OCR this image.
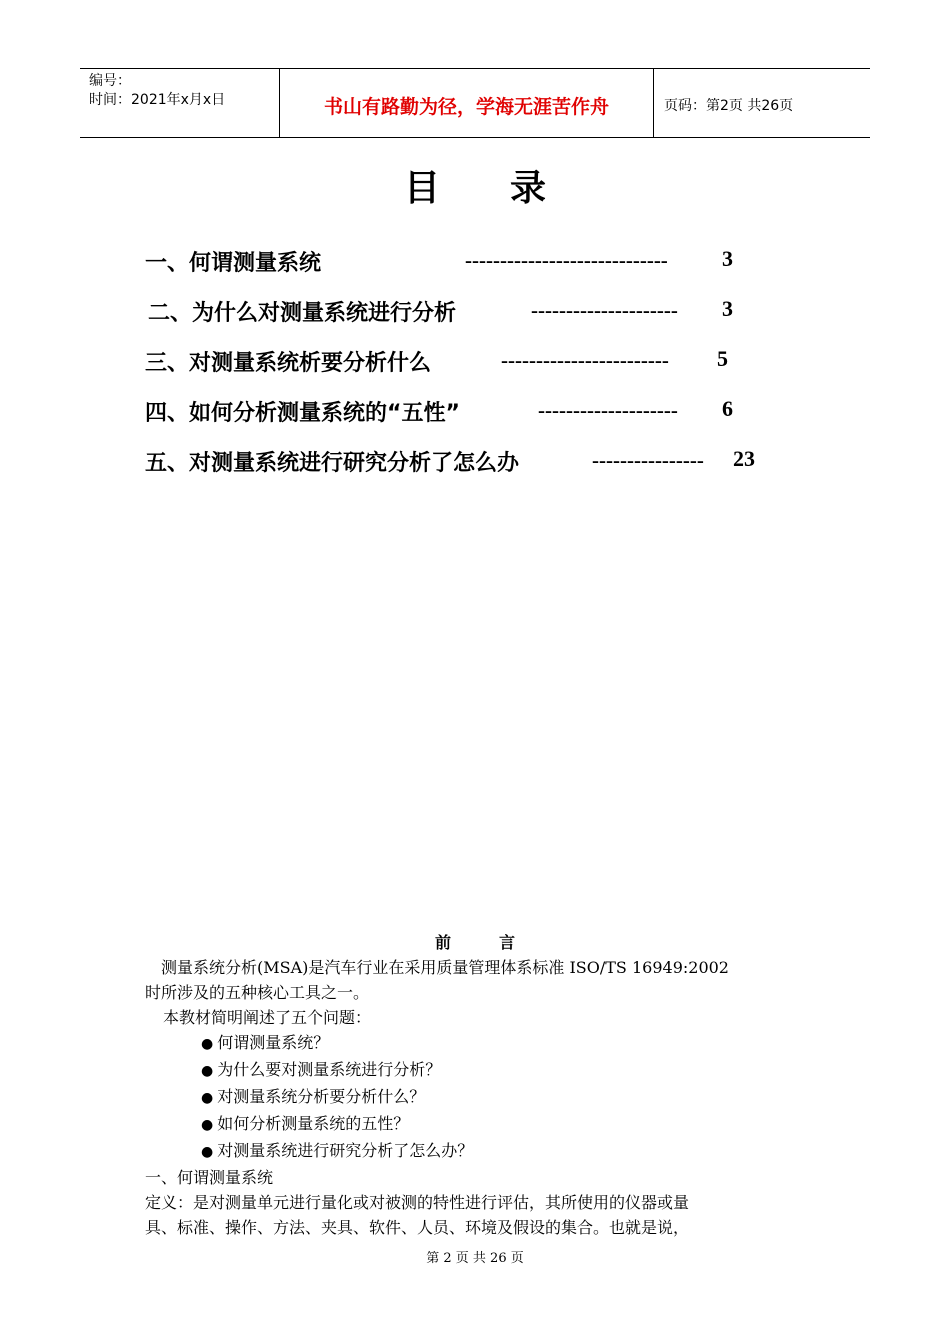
编号：
时间：2021年x月x日	书山有路勤为径，学海无涯苦作舟	页码：第2页 共26页
目 录
一、何谓测量系统	----------------------------- 3
二、为什么对测量系统进行分析	--------------------- 3
三、对测量系统析要分析什么	------------------------ 5
四、如何分析测量系统的“五性”	-------------------- 6
五、对测量系统进行研究分析了怎么办	---------------- 23
前	言

测量系统分析(MSA)是汽车行业在采用质量管理体系标准 ISO/TS 16949:2002

时所涉及的五种核心工具之一。

本教材简明阐述了五个问题：

● 何谓测量系统？
● 为什么要对测量系统进行分析？
● 对测量系统分析要分析什么？
● 如何分析测量系统的五性？
● 对测量系统进行研究分析了怎么办？

一、何谓测量系统

定义：是对测量单元进行量化或对被测的特性进行评估，其所使用的仪器或量

具、标准、操作、方法、夹具、软件、人员、环境及假设的集合。也就是说，

第 2 页 共 26 页
